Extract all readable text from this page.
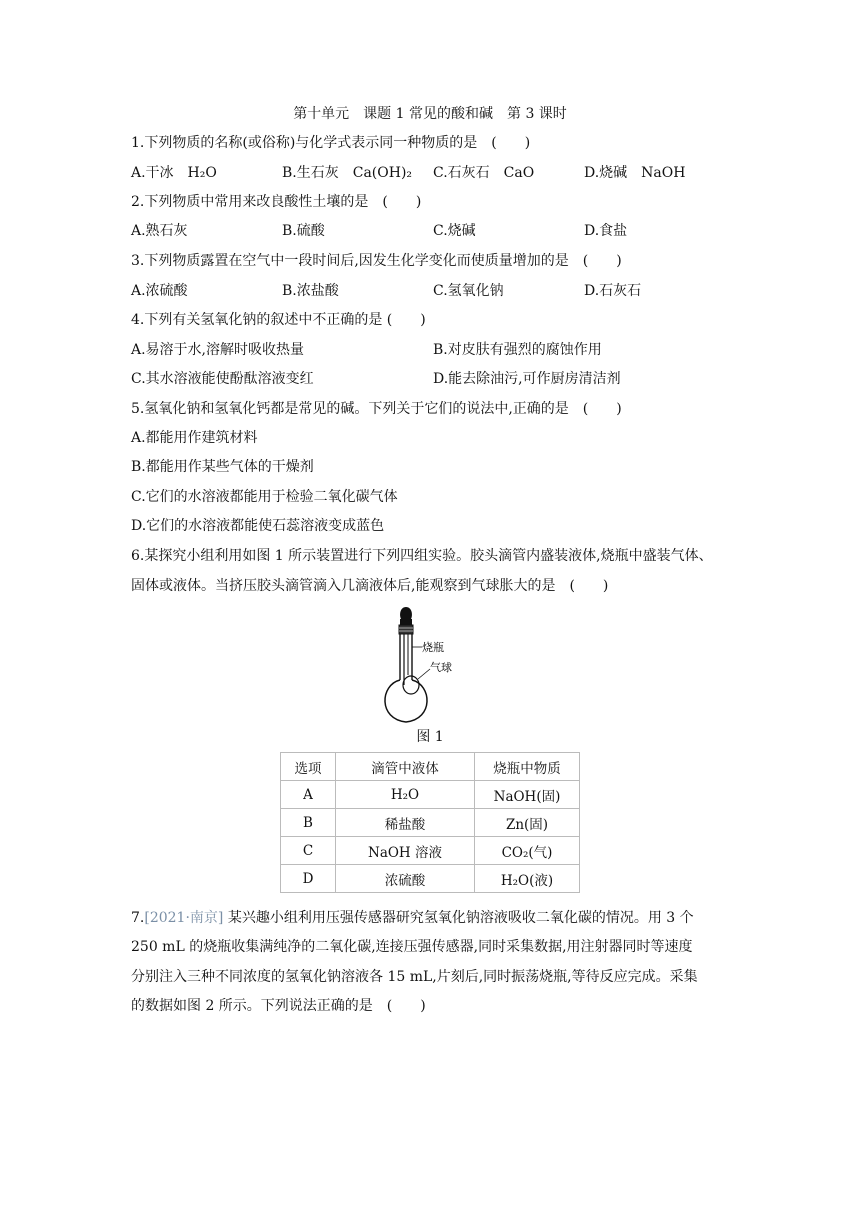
第十单元　课题 1 常见的酸和碱　第 3 课时
1.下列物质的名称(或俗称)与化学式表示同一种物质的是　(　　)
A.干冰　H₂O	B.生石灰　Ca(OH)₂ C.石灰石　CaO	D.烧碱　NaOH
2.下列物质中常用来改良酸性土壤的是　(　　)
A.熟石灰	B.硫酸	C.烧碱	D.食盐
3.下列物质露置在空气中一段时间后,因发生化学变化而使质量增加的是　(　　)
A.浓硫酸	B.浓盐酸	C.氢氧化钠	D.石灰石
4.下列有关氢氧化钠的叙述中不正确的是 (　　)
A.易溶于水,溶解时吸收热量	B.对皮肤有强烈的腐蚀作用
C.其水溶液能使酚酞溶液变红	D.能去除油污,可作厨房清洁剂
5.氢氧化钠和氢氧化钙都是常见的碱。下列关于它们的说法中,正确的是　(　　)
A.都能用作建筑材料
B.都能用作某些气体的干燥剂
C.它们的水溶液都能用于检验二氧化碳气体
D.它们的水溶液都能使石蕊溶液变成蓝色
6.某探究小组利用如图 1 所示装置进行下列四组实验。胶头滴管内盛装液体,烧瓶中盛装气体、
固体或液体。当挤压胶头滴管滴入几滴液体后,能观察到气球胀大的是　(　　)
烧瓶
气球
图 1
选项	滴管中液体	烧瓶中物质
A	H₂O	NaOH(固)
B	稀盐酸	Zn(固)
C	NaOH 溶液	CO₂(气)
D	浓硫酸	H₂O(液)
7.[2021·南京] 某兴趣小组利用压强传感器研究氢氧化钠溶液吸收二氧化碳的情况。用 3 个
250 mL 的烧瓶收集满纯净的二氧化碳,连接压强传感器,同时采集数据,用注射器同时等速度
分别注入三种不同浓度的氢氧化钠溶液各 15 mL,片刻后,同时振荡烧瓶,等待反应完成。采集
的数据如图 2 所示。下列说法正确的是　(　　)
